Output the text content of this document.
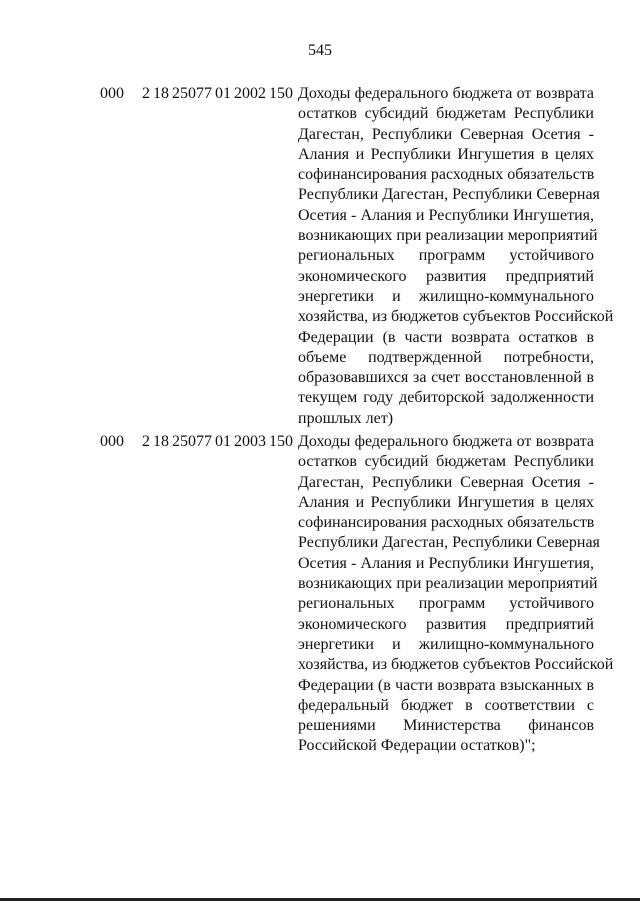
545
000 2 18 25077 01 2002 150 Доходы федерального бюджета от возврата
остатков субсидий бюджетам Республики
Дагестан, Республики Северная Осетия -
Алания и Республики Ингушетия в целях
софинансирования расходных обязательств
Республики Дагестан, Республики Северная
Осетия - Алания и Республики Ингушетия,
возникающих при реализации мероприятий
региональных программ устойчивого
экономического развития предприятий
энергетики и жилищно-коммунального
хозяйства, из бюджетов субъектов Российской
Федерации (в части возврата остатков в
объеме подтвержденной потребности,
образовавшихся за счет восстановленной в
текущем году дебиторской задолженности
прошлых лет)
000 2 18 25077 01 2003 150 Доходы федерального бюджета от возврата
остатков субсидий бюджетам Республики
Дагестан, Республики Северная Осетия -
Алания и Республики Ингушетия в целях
софинансирования расходных обязательств
Республики Дагестан, Республики Северная
Осетия - Алания и Республики Ингушетия,
возникающих при реализации мероприятий
региональных программ устойчивого
экономического развития предприятий
энергетики и жилищно-коммунального
хозяйства, из бюджетов субъектов Российской
Федерации (в части возврата взысканных в
федеральный бюджет в соответствии с
решениями Министерства финансов
Российской Федерации остатков)";
